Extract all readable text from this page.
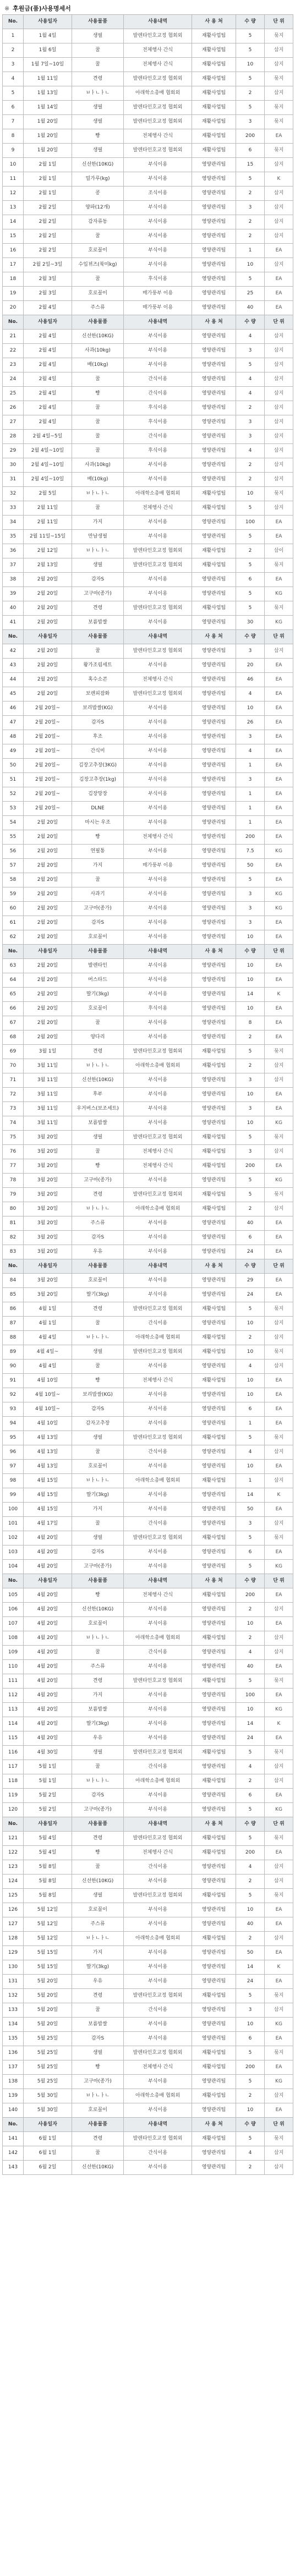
※ 후원금(품)사용명세서
No.	사용일자	사용물품	사용내역	사 용 처	수 량	단 위
1	1월 4일	생필	발렌타인호교정 협회외	재활사업팀	5	묶지
2	1월 6일	꿀	전체행사 간식	재활사업팀	5	삽지
3	1월 7일~10일	꿀	전체행사 간식	재활사업팀	10	삽지
4	1월 11일	견령	발렌타인호교정 협회외	재활사업팀	5	묶지
5	1월 13일	ㅂㅏㄴㅏㄴ	아래학소총배 협회외	재활사업팀	2	삽지
6	1월 14일	생필	발렌타인호교정 협회외	재활사업팀	5	묶지
7	1월 20일	생필	발렌타인호교정 협회외	재활사업팀	3	묶지
8	1월 20일	빵	전체행사 간식	재활사업팀	200	EA
9	1월 20일	생필	발렌타인호교정 협회외	재활사업팀	6	묶지
10	2월 1일	신선한(10KG)	부식이용	영양관리팀	15	삽지
11	2월 1일	밀가루(kg)	부식이용	영양관리팀	5	K
12	2월 1일	콩	조식이용	영양관리팀	2	삽지
13	2월 2일	양파(12개)	부식이용	영양관리팀	3	삽지
14	2월 2일	감자류동	부식이용	영양관리팀	2	삽지
15	2월 2일	꿀	부식이용	영양관리팀	2	삽지
16	2월 2일	호로꼴이	부식이용	영양관리팀	1	EA
17	2월 2일~3일	수입뀌즈(북미kg)	부식이용	영양관리팀	10	삽지
18	2월 3일	꿀	후식이용	영양관리팀	5	EA
19	2월 3일	호로꼴이	매가풍부 이용	영양관리팀	25	EA
20	2월 4일	주스류	매가풍부 이용	영양관리팀	40	EA
No.	사용일자	사용물품	사용내역	사 용 처	수 량	단 위
21	2월 4일	신선한(10KG)	부식이용	영양관리팀	4	삽지
22	2월 4일	사과(10kg)	부식이용	영양관리팀	3	삽지
23	2월 4일	배(10kg)	부식이용	영양관리팀	5	삽지
24	2월 4일	꿀	간식이용	영양관리팀	4	삽지
25	2월 4일	빵	간식이용	영양관리팀	4	삽지
26	2월 4일	꿀	후식이용	영양관리팀	2	삽지
27	2월 4일	꿀	후식이용	영양관리팀	3	삽지
28	2월 4일~5일	꿀	간식이용	영양관리팀	3	삽지
29	2월 4일~10일	꿀	후식이용	영양관리팀	4	삽지
30	2월 4일~10일	사과(10kg)	부식이용	영양관리팀	2	삽지
31	2월 4일~10일	배(10kg)	부식이용	영양관리팀	2	삽지
32	2월 5일	ㅂㅏㄴㅏㄴ	아래학소총배 협회외	재활사업팀	10	묶지
33	2월 11일	꿀	전체행사 간식	재활사업팀	5	삽지
34	2월 11일	가지	부식이용	영양관리팀	100	EA
35	2월 11일~15일	만남생필	부식이용	영양관리팀	5	EA
36	2월 12일	ㅂㅏㄴㅏㄴ	발렌타인호교정 협회외	재활사업팀	2	삽이
37	2월 13일	생필	발렌타인호교정 협회외	재활사업팀	5	묶지
38	2월 20일	감자S	부식이용	영양관리팀	6	EA
39	2월 20일	고구마(종가)	부식이용	영양관리팀	5	KG
40	2월 20일	견령	발렌타인호교정 협회외	재활사업팀	5	묶지
41	2월 20일	보름밥쌀	부식이용	영양관리팀	30	KG
No.	사용일자	사용물품	사용내역	사 용 처	수 량	단 위
42	2월 20일	꿀	발렌타인호교정 협회외	영양관리팀	3	삽지
43	2월 20일	왕가조림세트	부식이용	영양관리팀	20	EA
44	2월 20일	혹수소콘	전체행사 간식	영양관리팀	46	EA
45	2월 20일	보렌피잠화	발렌타인호교정 협회외	영양관리팀	4	EA
46	2월 20일~	보리밥쌀(KG)	부식이용	영양관리팀	10	EA
47	2월 20일~	감자S	부식이용	영양관리팀	26	EA
48	2월 20일~	후조	부식이용	영양관리팀	3	EA
49	2월 20일~	간식미	부식이용	영양관리팀	4	EA
50	2월 20일~	김장고추장(3KG)	부식이용	영양관리팀	1	EA
51	2월 20일~	김장고추장(1kg)	부식이용	영양관리팀	3	EA
52	2월 20일~	김장망장	부식이용	영양관리팀	1	EA
53	2월 20일~	DLNE	부식이용	영양관리팀	1	EA
54	2월 20일	마시는 우조	부식이용	영양관리팀	1	EA
55	2월 20일	빵	전체행사 간식	영양관리팀	200	EA
56	2월 20일	연필통	부식이용	영양관리팀	7.5	KG
57	2월 20일	가지	매가풍부 이용	영양관리팀	50	EA
58	2월 20일	꿀	부식이용	영양관리팀	5	EA
59	2월 20일	사과기	부식이용	영양관리팀	3	KG
60	2월 20일	고구마(종가)	부식이용	영양관리팀	3	KG
61	2월 20일	감자S	부식이용	영양관리팀	3	EA
62	2월 20일	호로꼴이	부식이용	영양관리팀	10	EA
No.	사용일자	사용물품	사용내역	사 용 처	수 량	단 위
63	2월 20일	발렌타인	부식이용	영양관리팀	10	EA
64	2월 20일	머스타드	부식이용	영양관리팀	10	EA
65	2월 20일	딸기(3kg)	부식이용	영양관리팀	14	K
66	2월 20일	호로꼴이	후식이용	영양관리팀	10	EA
67	2월 20일	꿀	부식이용	영양관리팀	8	EA
68	2월 20일	양다리	부식이용	영양관리팀	2	EA
69	3월 1일	견령	발렌타인호교정 협회외	재활사업팀	5	묶지
70	3월 11일	ㅂㅏㄴㅏㄴ	아래학소총배 협회외	재활사업팀	2	삽지
71	3월 11일	신선한(10KG)	부식이용	영양관리팀	3	삽지
72	3월 11일	후부	부식이용	영양관리팀	10	EA
73	3월 11일	우거버스(보조세트)	부식이용	영양관리팀	3	EA
74	3월 11일	보름밥쌀	부식이용	영양관리팀	10	KG
75	3월 20일	생필	발렌타인호교정 협회외	재활사업팀	5	묶지
76	3월 20일	꿀	전체행사 간식	재활사업팀	3	삽지
77	3월 20일	빵	전체행사 간식	재활사업팀	200	EA
78	3월 20일	고구마(종가)	부식이용	영양관리팀	5	KG
79	3월 20일	견령	발렌타인호교정 협회외	재활사업팀	5	묶지
80	3월 20일	ㅂㅏㄴㅏㄴ	아래학소총배 협회외	재활사업팀	2	삽지
81	3월 20일	주스류	부식이용	영양관리팀	40	EA
82	3월 20일	감자S	부식이용	영양관리팀	6	EA
83	3월 20일	우유	부식이용	영양관리팀	24	EA
No.	사용일자	사용물품	사용내역	사 용 처	수 량	단 위
84	3월 20일	호로꼴이	부식이용	영양관리팀	29	EA
85	3월 20일	딸기(3kg)	부식이용	영양관리팀	24	EA
86	4월 1일	견령	발렌타인호교정 협회외	재활사업팀	5	묶지
87	4월 1일	꿀	간식이용	영양관리팀	10	삽지
88	4월 4일	ㅂㅏㄴㅏㄴ	아래학소총배 협회외	재활사업팀	2	삽지
89	4월 4일~	생필	발렌타인호교정 협회외	재활사업팀	10	묶지
90	4월 4일	꿀	부식이용	영양관리팀	4	삽지
91	4월 10일	빵	전체행사 간식	재활사업팀	10	EA
92	4월 10일~	보리밥쌀(KG)	부식이용	영양관리팀	10	EA
93	4월 10일~	감자S	부식이용	영양관리팀	6	EA
94	4월 10일	감자고추장	부식이용	영양관리팀	1	EA
95	4월 13일	생필	발렌타인호교정 협회외	재활사업팀	5	묶지
96	4월 13일	꿀	간식이용	영양관리팀	4	삽지
97	4월 13일	호로꼴이	부식이용	영양관리팀	10	EA
98	4월 15일	ㅂㅏㄴㅏㄴ	아래학소총배 협회외	재활사업팀	1	삽지
99	4월 15일	딸기(3kg)	부식이용	영양관리팀	14	K
100	4월 15일	가지	부식이용	영양관리팀	50	EA
101	4월 17일	꿀	간식이용	영양관리팀	3	삽지
102	4월 20일	생필	발렌타인호교정 협회외	재활사업팀	5	묶지
103	4월 20일	감자S	부식이용	영양관리팀	6	EA
104	4월 20일	고구마(종가)	부식이용	영양관리팀	5	KG
No.	사용일자	사용물품	사용내역	사 용 처	수 량	단 위
105	4월 20일	빵	전체행사 간식	재활사업팀	200	EA
106	4월 20일	신선한(10KG)	부식이용	영양관리팀	2	삽지
107	4월 20일	호로꼴이	부식이용	영양관리팀	10	EA
108	4월 20일	ㅂㅏㄴㅏㄴ	아래학소총배 협회외	재활사업팀	2	삽지
109	4월 20일	꿀	간식이용	영양관리팀	4	삽지
110	4월 20일	주스류	부식이용	영양관리팀	40	EA
111	4월 20일	견령	발렌타인호교정 협회외	재활사업팀	5	묶지
112	4월 20일	가지	부식이용	영양관리팀	100	EA
113	4월 20일	보름밥쌀	부식이용	영양관리팀	10	KG
114	4월 20일	딸기(3kg)	부식이용	영양관리팀	14	K
115	4월 20일	우유	부식이용	영양관리팀	24	EA
116	4월 30일	생필	발렌타인호교정 협회외	재활사업팀	5	묶지
117	5월 1일	꿀	간식이용	영양관리팀	4	삽지
118	5월 1일	ㅂㅏㄴㅏㄴ	아래학소총배 협회외	재활사업팀	2	삽지
119	5월 2일	감자S	부식이용	영양관리팀	6	EA
120	5월 2일	고구마(종가)	부식이용	영양관리팀	5	KG
No.	사용일자	사용물품	사용내역	사 용 처	수 량	단 위
121	5월 4일	견령	발렌타인호교정 협회외	재활사업팀	5	묶지
122	5월 4일	빵	전체행사 간식	재활사업팀	200	EA
123	5월 8일	꿀	간식이용	영양관리팀	4	삽지
124	5월 8일	신선한(10KG)	부식이용	영양관리팀	2	삽지
125	5월 8일	생필	발렌타인호교정 협회외	재활사업팀	5	묶지
126	5월 12일	호로꼴이	부식이용	영양관리팀	10	EA
127	5월 12일	주스류	부식이용	영양관리팀	40	EA
128	5월 12일	ㅂㅏㄴㅏㄴ	아래학소총배 협회외	재활사업팀	2	삽지
129	5월 15일	가지	부식이용	영양관리팀	50	EA
130	5월 15일	딸기(3kg)	부식이용	영양관리팀	14	K
131	5월 20일	우유	부식이용	영양관리팀	24	EA
132	5월 20일	견령	발렌타인호교정 협회외	재활사업팀	5	묶지
133	5월 20일	꿀	간식이용	영양관리팀	3	삽지
134	5월 20일	보름밥쌀	부식이용	영양관리팀	10	KG
135	5월 25일	감자S	부식이용	영양관리팀	6	EA
136	5월 25일	생필	발렌타인호교정 협회외	재활사업팀	5	묶지
137	5월 25일	빵	전체행사 간식	재활사업팀	200	EA
138	5월 25일	고구마(종가)	부식이용	영양관리팀	5	KG
139	5월 30일	ㅂㅏㄴㅏㄴ	아래학소총배 협회외	재활사업팀	2	삽지
140	5월 30일	호로꼴이	부식이용	영양관리팀	10	EA
No.	사용일자	사용물품	사용내역	사 용 처	수 량	단 위
141	6월 1일	견령	발렌타인호교정 협회외	재활사업팀	5	묶지
142	6월 1일	꿀	간식이용	영양관리팀	4	삽지
143	6월 2일	신선한(10KG)	부식이용	영양관리팀	2	삽지
